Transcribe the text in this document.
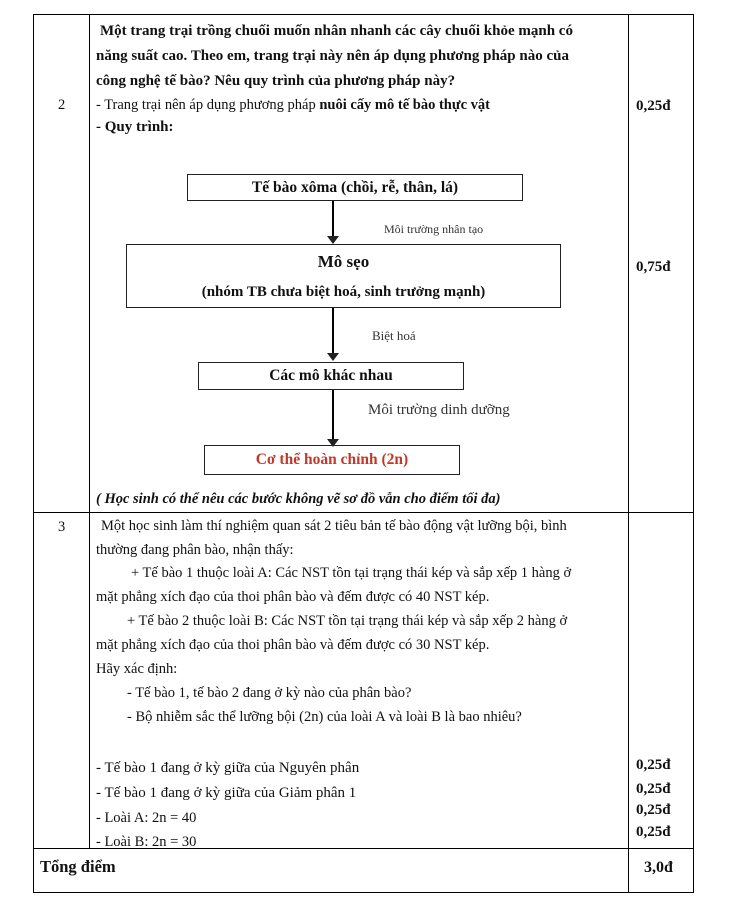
2
Một trang trại trồng chuối muốn nhân nhanh các cây chuối khỏe mạnh có
năng suất cao. Theo em, trang trại này nên áp dụng phương pháp nào của
công nghệ tế bào? Nêu quy trình của phương pháp này?
- Trang trại nên áp dụng phương pháp nuôi cấy mô tế bào thực vật
- Quy trình:
0,25đ
0,75đ
Tế bào xôma (chồi, rễ, thân, lá)
Môi trường nhân tạo
Mô sẹo
(nhóm TB chưa biệt hoá, sinh trưởng mạnh)
Biệt hoá
Các mô khác nhau
Môi trường dinh dưỡng
Cơ thể hoàn chỉnh (2n)
( Học sinh có thể nêu các bước không vẽ sơ đồ vẫn cho điểm tối đa)
3 Một học sinh làm thí nghiệm quan sát 2 tiêu bản tế bào động vật lưỡng bội, bình
thường đang phân bào, nhận thấy:
+ Tế bào 1 thuộc loài A: Các NST tồn tại trạng thái kép và sắp xếp 1 hàng ở
mặt phẳng xích đạo của thoi phân bào và đếm được có 40 NST kép.
+ Tế bào 2 thuộc loài B: Các NST tồn tại trạng thái kép và sắp xếp 2 hàng ở
mặt phẳng xích đạo của thoi phân bào và đếm được có 30 NST kép.
Hãy xác định:
- Tế bào 1, tế bào 2 đang ở kỳ nào của phân bào?
- Bộ nhiễm sắc thể lưỡng bội (2n) của loài A và loài B là bao nhiêu?
- Tế bào 1 đang ở kỳ giữa của Nguyên phân
- Tế bào 1 đang ở kỳ giữa của Giảm phân 1
- Loài A: 2n = 40
- Loài B: 2n = 30
0,25đ
0,25đ
0,25đ
0,25đ
Tổng điểm	3,0đ
